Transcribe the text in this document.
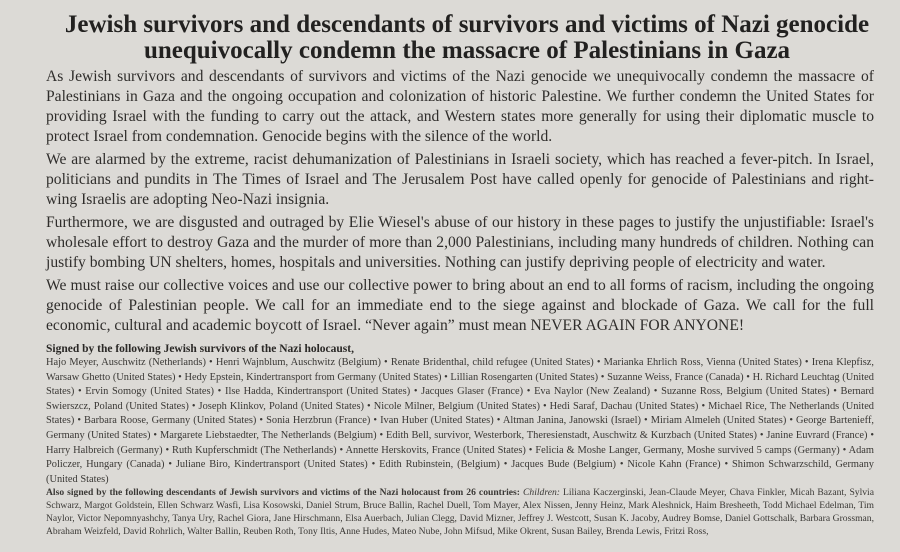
Jewish survivors and descendants of survivors and victims of Nazi genocide unequivocally condemn the massacre of Palestinians in Gaza

As Jewish survivors and descendants of survivors and victims of the Nazi genocide we unequivocally condemn the massacre of Palestinians in Gaza and the ongoing occupation and colonization of historic Palestine. We further condemn the United States for providing Israel with the funding to carry out the attack, and Western states more generally for using their diplomatic muscle to protect Israel from condemnation. Genocide begins with the silence of the world.

We are alarmed by the extreme, racist dehumanization of Palestinians in Israeli society, which has reached a fever-pitch. In Israel, politicians and pundits in The Times of Israel and The Jerusalem Post have called openly for genocide of Palestinians and right-wing Israelis are adopting Neo-Nazi insignia.

Furthermore, we are disgusted and outraged by Elie Wiesel's abuse of our history in these pages to justify the unjustifiable: Israel's wholesale effort to destroy Gaza and the murder of more than 2,000 Palestinians, including many hundreds of children. Nothing can justify bombing UN shelters, homes, hospitals and universities. Nothing can justify depriving people of electricity and water.

We must raise our collective voices and use our collective power to bring about an end to all forms of racism, including the ongoing genocide of Palestinian people. We call for an immediate end to the siege against and blockade of Gaza. We call for the full economic, cultural and academic boycott of Israel. “Never again” must mean NEVER AGAIN FOR ANYONE!

Signed by the following Jewish survivors of the Nazi holocaust,

Hajo Meyer, Auschwitz (Netherlands) • Henri Wajnblum, Auschwitz (Belgium) • Renate Bridenthal, child refugee (United States) • Marianka Ehrlich Ross, Vienna (United States) • Irena Klepfisz, Warsaw Ghetto (United States) • Hedy Epstein, Kindertransport from Germany (United States) • Lillian Rosengarten (United States) • Suzanne Weiss, France (Canada) • H. Richard Leuchtag (United States) • Ervin Somogy (United States) • Ilse Hadda, Kindertransport (United States) • Jacques Glaser (France) • Eva Naylor (New Zealand) • Suzanne Ross, Belgium (United States) • Bernard Swierszcz, Poland (United States) • Joseph Klinkov, Poland (United States) • Nicole Milner, Belgium (United States) • Hedi Saraf, Dachau (United States) • Michael Rice, The Netherlands (United States) • Barbara Roose, Germany (United States) • Sonia Herzbrun (France) • Ivan Huber (United States) • Altman Janina, Janowski (Israel) • Miriam Almeleh (United States) • George Bartenieff, Germany (United States) • Margarete Liebstaedter, The Netherlands (Belgium) • Edith Bell, survivor, Westerbork, Theresienstadt, Auschwitz & Kurzbach (United States) • Janine Euvrard (France) • Harry Halbreich (Germany) • Ruth Kupferschmidt (The Netherlands) • Annette Herskovits, France (United States) • Felicia & Moshe Langer, Germany, Moshe survived 5 camps (Germany) • Adam Policzer, Hungary (Canada) • Juliane Biro, Kindertransport (United States) • Edith Rubinstein, (Belgium) • Jacques Bude (Belgium) • Nicole Kahn (France) • Shimon Schwarzschild, Germany (United States)

Also signed by the following descendants of Jewish survivors and victims of the Nazi holocaust from 26 countries: Children: Liliana Kaczerginski, Jean-Claude Meyer, Chava Finkler, Micah Bazant, Sylvia Schwarz, Margot Goldstein, Ellen Schwarz Wasfi, Lisa Kosowski, Daniel Strum, Bruce Ballin, Rachel Duell, Tom Mayer, Alex Nissen, Jenny Heinz, Mark Aleshnick, Haim Bresheeth, Todd Michael Edelman, Tim Naylor, Victor Nepomnyashchy, Tanya Ury, Rachel Giora, Jane Hirschmann, Elsa Auerbach, Julian Clegg, David Mizner, Jeffrey J. Westcott, Susan K. Jacoby, Audrey Bomse, Daniel Gottschalk, Barbara Grossman, Abraham Weizfeld, David Rohrlich, Walter Ballin, Reuben Roth, Tony Iltis, Anne Hudes, Mateo Nube, John Mifsud, Mike Okrent, Susan Bailey, Brenda Lewis, Fritzi Ross,
